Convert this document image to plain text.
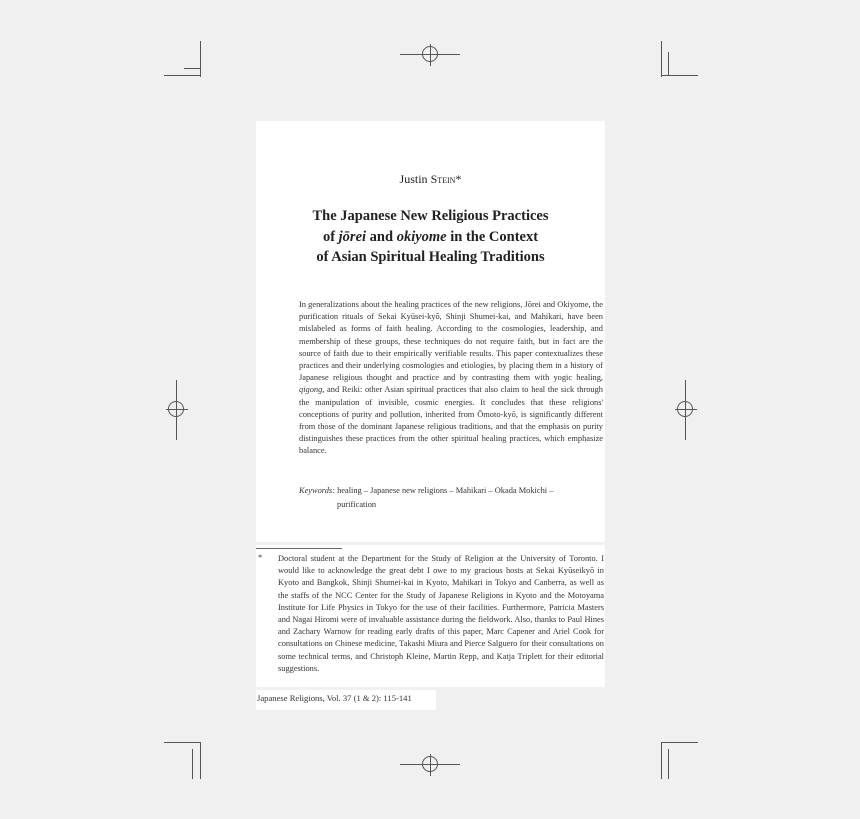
Justin Stein*
The Japanese New Religious Practices
of jōrei and okiyome in the Context
of Asian Spiritual Healing Traditions
In generalizations about the healing practices of the new religions, Jōrei and Okiyome, the purification rituals of Sekai Kyūsei-kyō, Shinji Shumei-kai, and Mahikari, have been mislabeled as forms of faith healing. According to the cosmologies, leadership, and membership of these groups, these techniques do not require faith, but in fact are the source of faith due to their empirically verifiable results. This paper contextualizes these practices and their underlying cosmologies and etiologies, by placing them in a history of Japanese religious thought and practice and by contrasting them with yogic healing, qigong, and Reiki: other Asian spiritual practices that also claim to heal the sick through the manipulation of invisible, cosmic energies. It concludes that these religions' conceptions of purity and pollution, inherited from Ōmoto-kyō, is significantly different from those of the dominant Japanese religious traditions, and that the emphasis on purity distinguishes these practices from the other spiritual healing practices, which emphasize balance.
Keywords: healing – Japanese new religions – Mahikari – Okada Mokichi –
purification
* Doctoral student at the Department for the Study of Religion at the University of Toronto. I would like to acknowledge the great debt I owe to my gracious hosts at Sekai Kyūseikyō in Kyoto and Bangkok, Shinji Shumei-kai in Kyoto, Mahikari in Tokyo and Canberra, as well as the staffs of the NCC Center for the Study of Japanese Religions in Kyoto and the Motoyama Institute for Life Physics in Tokyo for the use of their facilities. Furthermore, Patricia Masters and Nagai Hiromi were of invaluable assistance during the fieldwork. Also, thanks to Paul Hines and Zachary Warnow for reading early drafts of this paper, Marc Capener and Ariel Cook for consultations on Chinese medicine, Takashi Miura and Pierce Salguero for their consultations on some technical terms, and Christoph Kleine, Martin Repp, and Katja Triplett for their editorial suggestions.
Japanese Religions, Vol. 37 (1 & 2): 115-141
